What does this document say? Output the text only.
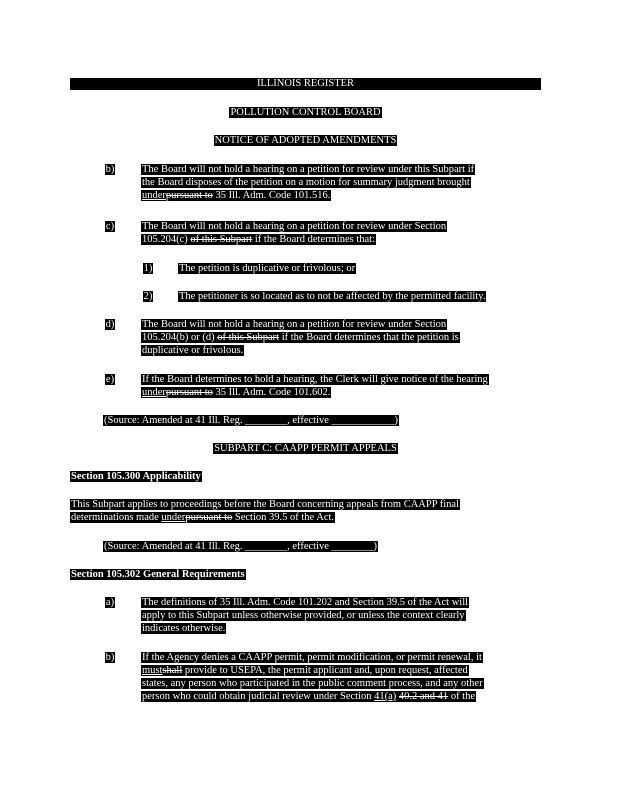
ILLINOIS REGISTER
POLLUTION CONTROL BOARD
NOTICE OF ADOPTED AMENDMENTS
b)	The Board will not hold a hearing on a petition for review under this Subpart if
the Board disposes of the petition on a motion for summary judgment brought
underpursuant to 35 Ill. Adm. Code 101.516.
c)	The Board will not hold a hearing on a petition for review under Section
105.204(c) of this Subpart if the Board determines that:
1)	The petition is duplicative or frivolous; or
2)	The petitioner is so located as to not be affected by the permitted facility.
d)	The Board will not hold a hearing on a petition for review under Section
105.204(b) or (d) of this Subpart if the Board determines that the petition is
duplicative or frivolous.
e)	If the Board determines to hold a hearing, the Clerk will give notice of the hearing
underpursuant to 35 Ill. Adm. Code 101.602.
(Source: Amended at 41 Ill. Reg. ________, effective ____________)
SUBPART C: CAAPP PERMIT APPEALS
Section 105.300 Applicability
This Subpart applies to proceedings before the Board concerning appeals from CAAPP final
determinations made underpursuant to Section 39.5 of the Act.
(Source: Amended at 41 Ill. Reg. ________, effective ________)
Section 105.302 General Requirements
a)	The definitions of 35 Ill. Adm. Code 101.202 and Section 39.5 of the Act will
apply to this Subpart unless otherwise provided, or unless the context clearly
indicates otherwise.
b)	If the Agency denies a CAAPP permit, permit modification, or permit renewal, it
mustshall provide to USEPA, the permit applicant and, upon request, affected
states, any person who participated in the public comment process, and any other
person who could obtain judicial review under Section 41(a) 40.2 and 41 of the
